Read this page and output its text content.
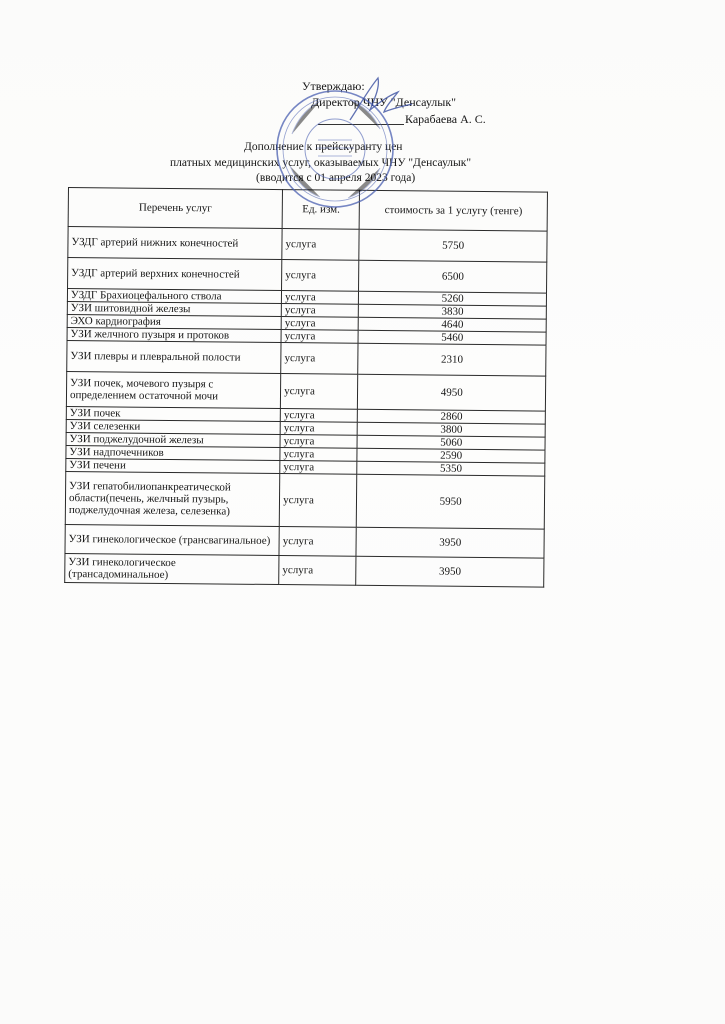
Утверждаю:
Директор ЧНУ "Денсаулык"
Карабаева А. С.
Дополнение к прейскуранту цен
платных медицинских услуг, оказываемых ЧНУ "Денсаулык"
(вводится с 01 апреля 2023 года)
Перечень услуг	Ед. изм.	стоимость за 1 услугу (тенге)
УЗДГ артерий нижних конечностей	услуга	5750
УЗДГ артерий верхних конечностей	услуга	6500
УЗДГ Брахиоцефального ствола	услуга	5260
УЗИ шитовидной железы	услуга	3830
ЭХО кардиография	услуга	4640
УЗИ желчного пузыря и протоков	услуга	5460
УЗИ плевры и плевральной полости	услуга	2310
УЗИ почек, мочевого пузыря с определением остаточной мочи	услуга	4950
УЗИ почек	услуга	2860
УЗИ селезенки	услуга	3800
УЗИ поджелудочной железы	услуга	5060
УЗИ надпочечников	услуга	2590
УЗИ печени	услуга	5350
УЗИ гепатобилиопанкреатической области(печень, желчный пузырь, поджелудочная железа, селезенка)	услуга	5950
УЗИ гинекологическое (трансвагинальное)	услуга	3950
УЗИ гинекологическое (трансадоминальное)	услуга	3950
